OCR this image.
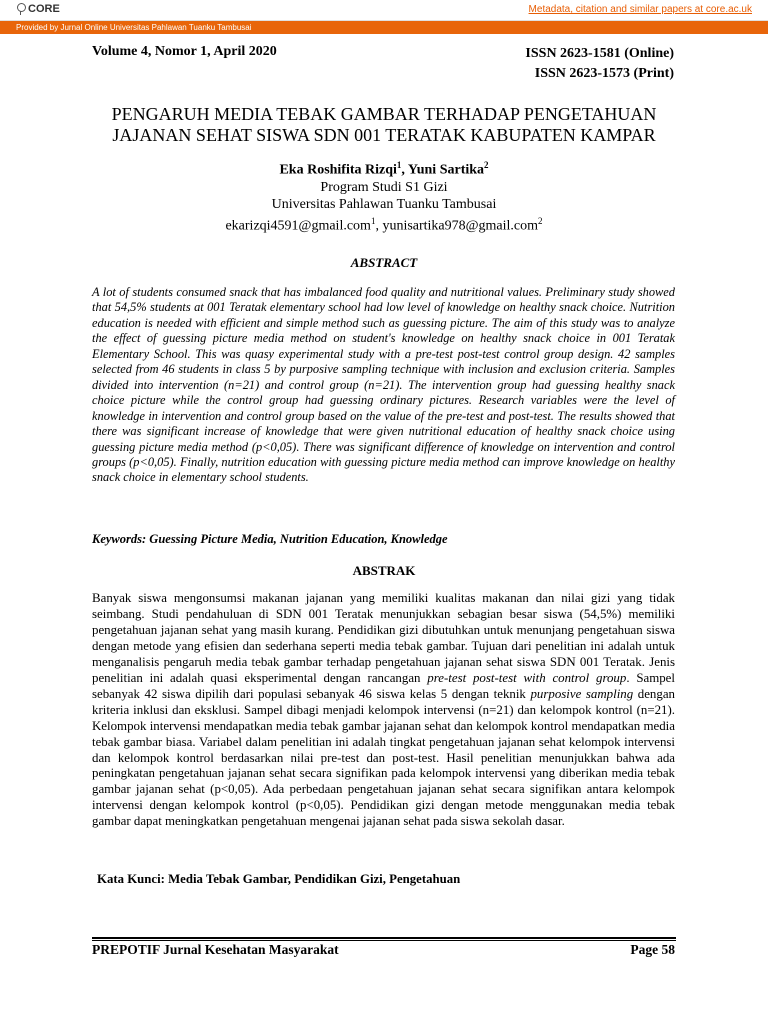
CORE	Metadata, citation and similar papers at core.ac.uk
Provided by Jurnal Online Universitas Pahlawan Tuanku Tambusai
Volume 4, Nomor 1, April 2020	ISSN 2623-1581 (Online)
ISSN 2623-1573 (Print)
PENGARUH MEDIA TEBAK GAMBAR TERHADAP PENGETAHUAN
JAJANAN SEHAT SISWA SDN 001 TERATAK KABUPATEN KAMPAR
Eka Roshifita Rizqi$^1$, Yuni Sartika$^2$
Program Studi S1 Gizi
Universitas Pahlawan Tuanku Tambusai
ekarizqi4591@gmail.com$^1$, yunisartika978@gmail.com$^2$
ABSTRACT

A lot of students consumed snack that has imbalanced food quality and nutritional values. Preliminary study showed that 54,5% students at 001 Teratak elementary school had low level of knowledge on healthy snack choice. Nutrition education is needed with efficient and simple method such as guessing picture. The aim of this study was to analyze the effect of guessing picture media method on student's knowledge on healthy snack choice in 001 Teratak Elementary School. This was quasy experimental study with a pre-test post-test control group design. 42 samples selected from 46 students in class 5 by purposive sampling technique with inclusion and exclusion criteria. Samples divided into intervention (n=21) and control group (n=21). The intervention group had guessing healthy snack choice picture while the control group had guessing ordinary pictures. Research variables were the level of knowledge in intervention and control group based on the value of the pre-test and post-test. The results showed that there was significant increase of knowledge that were given nutritional education of healthy snack choice using guessing picture media method (p<0,05). There was significant difference of knowledge on intervention and control groups (p<0,05). Finally, nutrition education with guessing picture media method can improve knowledge on healthy snack choice in elementary school students.

Keywords: Guessing Picture Media, Nutrition Education, Knowledge
ABSTRAK

Banyak siswa mengonsumsi makanan jajanan yang memiliki kualitas makanan dan nilai gizi yang tidak seimbang. Studi pendahuluan di SDN 001 Teratak menunjukkan sebagian besar siswa (54,5%) memiliki pengetahuan jajanan sehat yang masih kurang. Pendidikan gizi dibutuhkan untuk menunjang pengetahuan siswa dengan metode yang efisien dan sederhana seperti media tebak gambar. Tujuan dari penelitian ini adalah untuk menganalisis pengaruh media tebak gambar terhadap pengetahuan jajanan sehat siswa SDN 001 Teratak. Jenis penelitian ini adalah quasi eksperimental dengan rancangan pre-test post-test with control group. Sampel sebanyak 42 siswa dipilih dari populasi sebanyak 46 siswa kelas 5 dengan teknik purposive sampling dengan kriteria inklusi dan eksklusi. Sampel dibagi menjadi kelompok intervensi (n=21) dan kelompok kontrol (n=21). Kelompok intervensi mendapatkan media tebak gambar jajanan sehat dan kelompok kontrol mendapatkan media tebak gambar biasa. Variabel dalam penelitian ini adalah tingkat pengetahuan jajanan sehat kelompok intervensi dan kelompok kontrol berdasarkan nilai pre-test dan post-test. Hasil penelitian menunjukkan bahwa ada peningkatan pengetahuan jajanan sehat secara signifikan pada kelompok intervensi yang diberikan media tebak gambar jajanan sehat (p<0,05). Ada perbedaan pengetahuan jajanan sehat secara signifikan antara kelompok intervensi dengan kelompok kontrol (p<0,05). Pendidikan gizi dengan metode menggunakan media tebak gambar dapat meningkatkan pengetahuan mengenai jajanan sehat pada siswa sekolah dasar.

Kata Kunci: Media Tebak Gambar, Pendidikan Gizi, Pengetahuan
PREPOTIF Jurnal Kesehatan Masyarakat	Page 58
